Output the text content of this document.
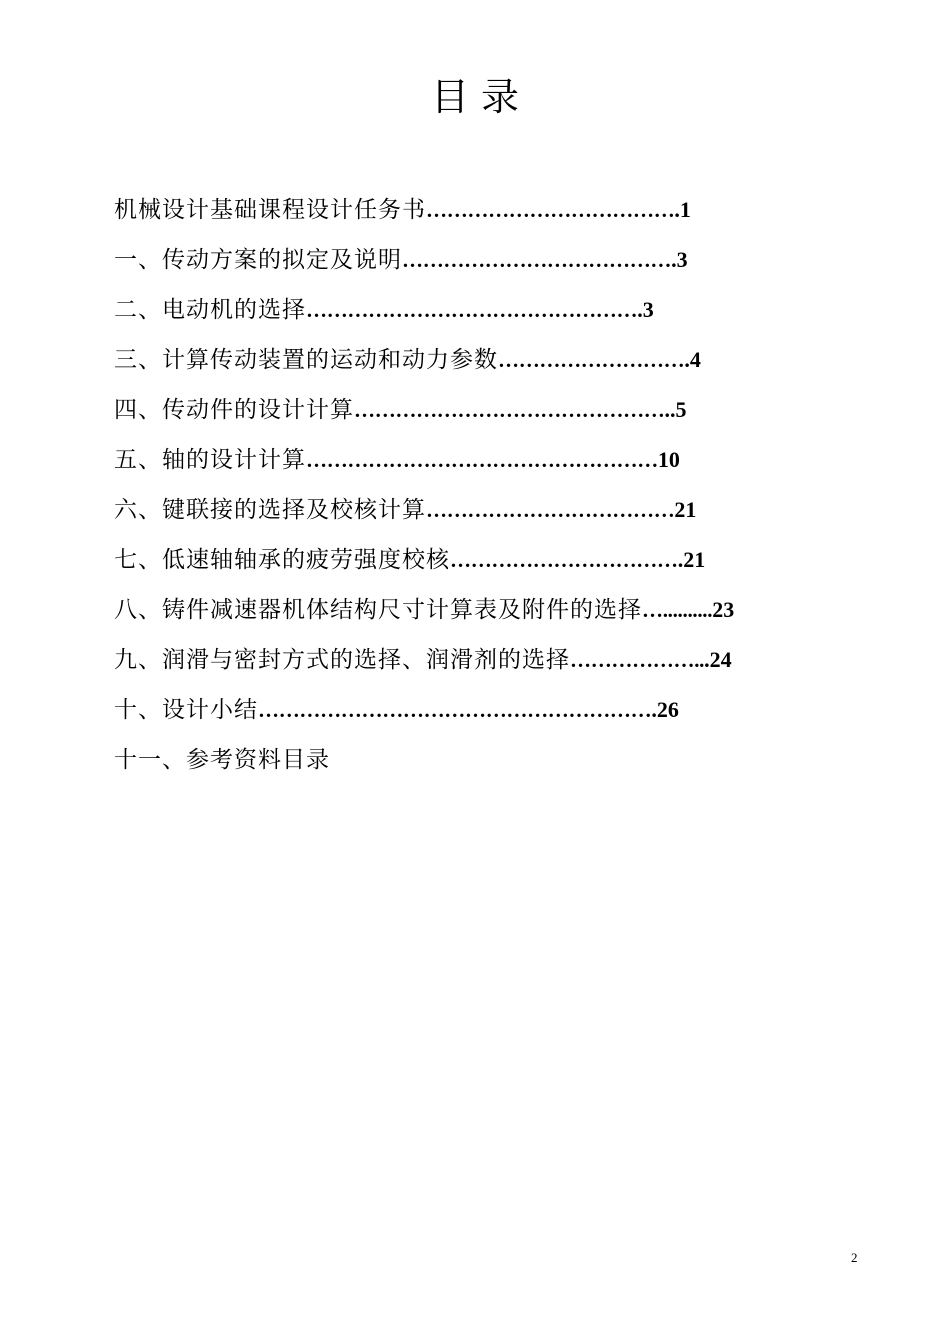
目 录
机械设计基础课程设计任务书……………………………….1
一、传动方案的拟定及说明………………………………….3
二、电动机的选择………………………………………….3
三、计算传动装置的运动和动力参数……………………….4
四、传动件的设计计算………………………………………..5
五、轴的设计计算……………………………………………10
六、键联接的选择及校核计算………………………………21
七、低速轴轴承的疲劳强度校核…………………………….21
八、铸件减速器机体结构尺寸计算表及附件的选择…..........23
九、润滑与密封方式的选择、润滑剂的选择………………...24
十、设计小结………………………………………………….26
十一、参考资料目录
2
